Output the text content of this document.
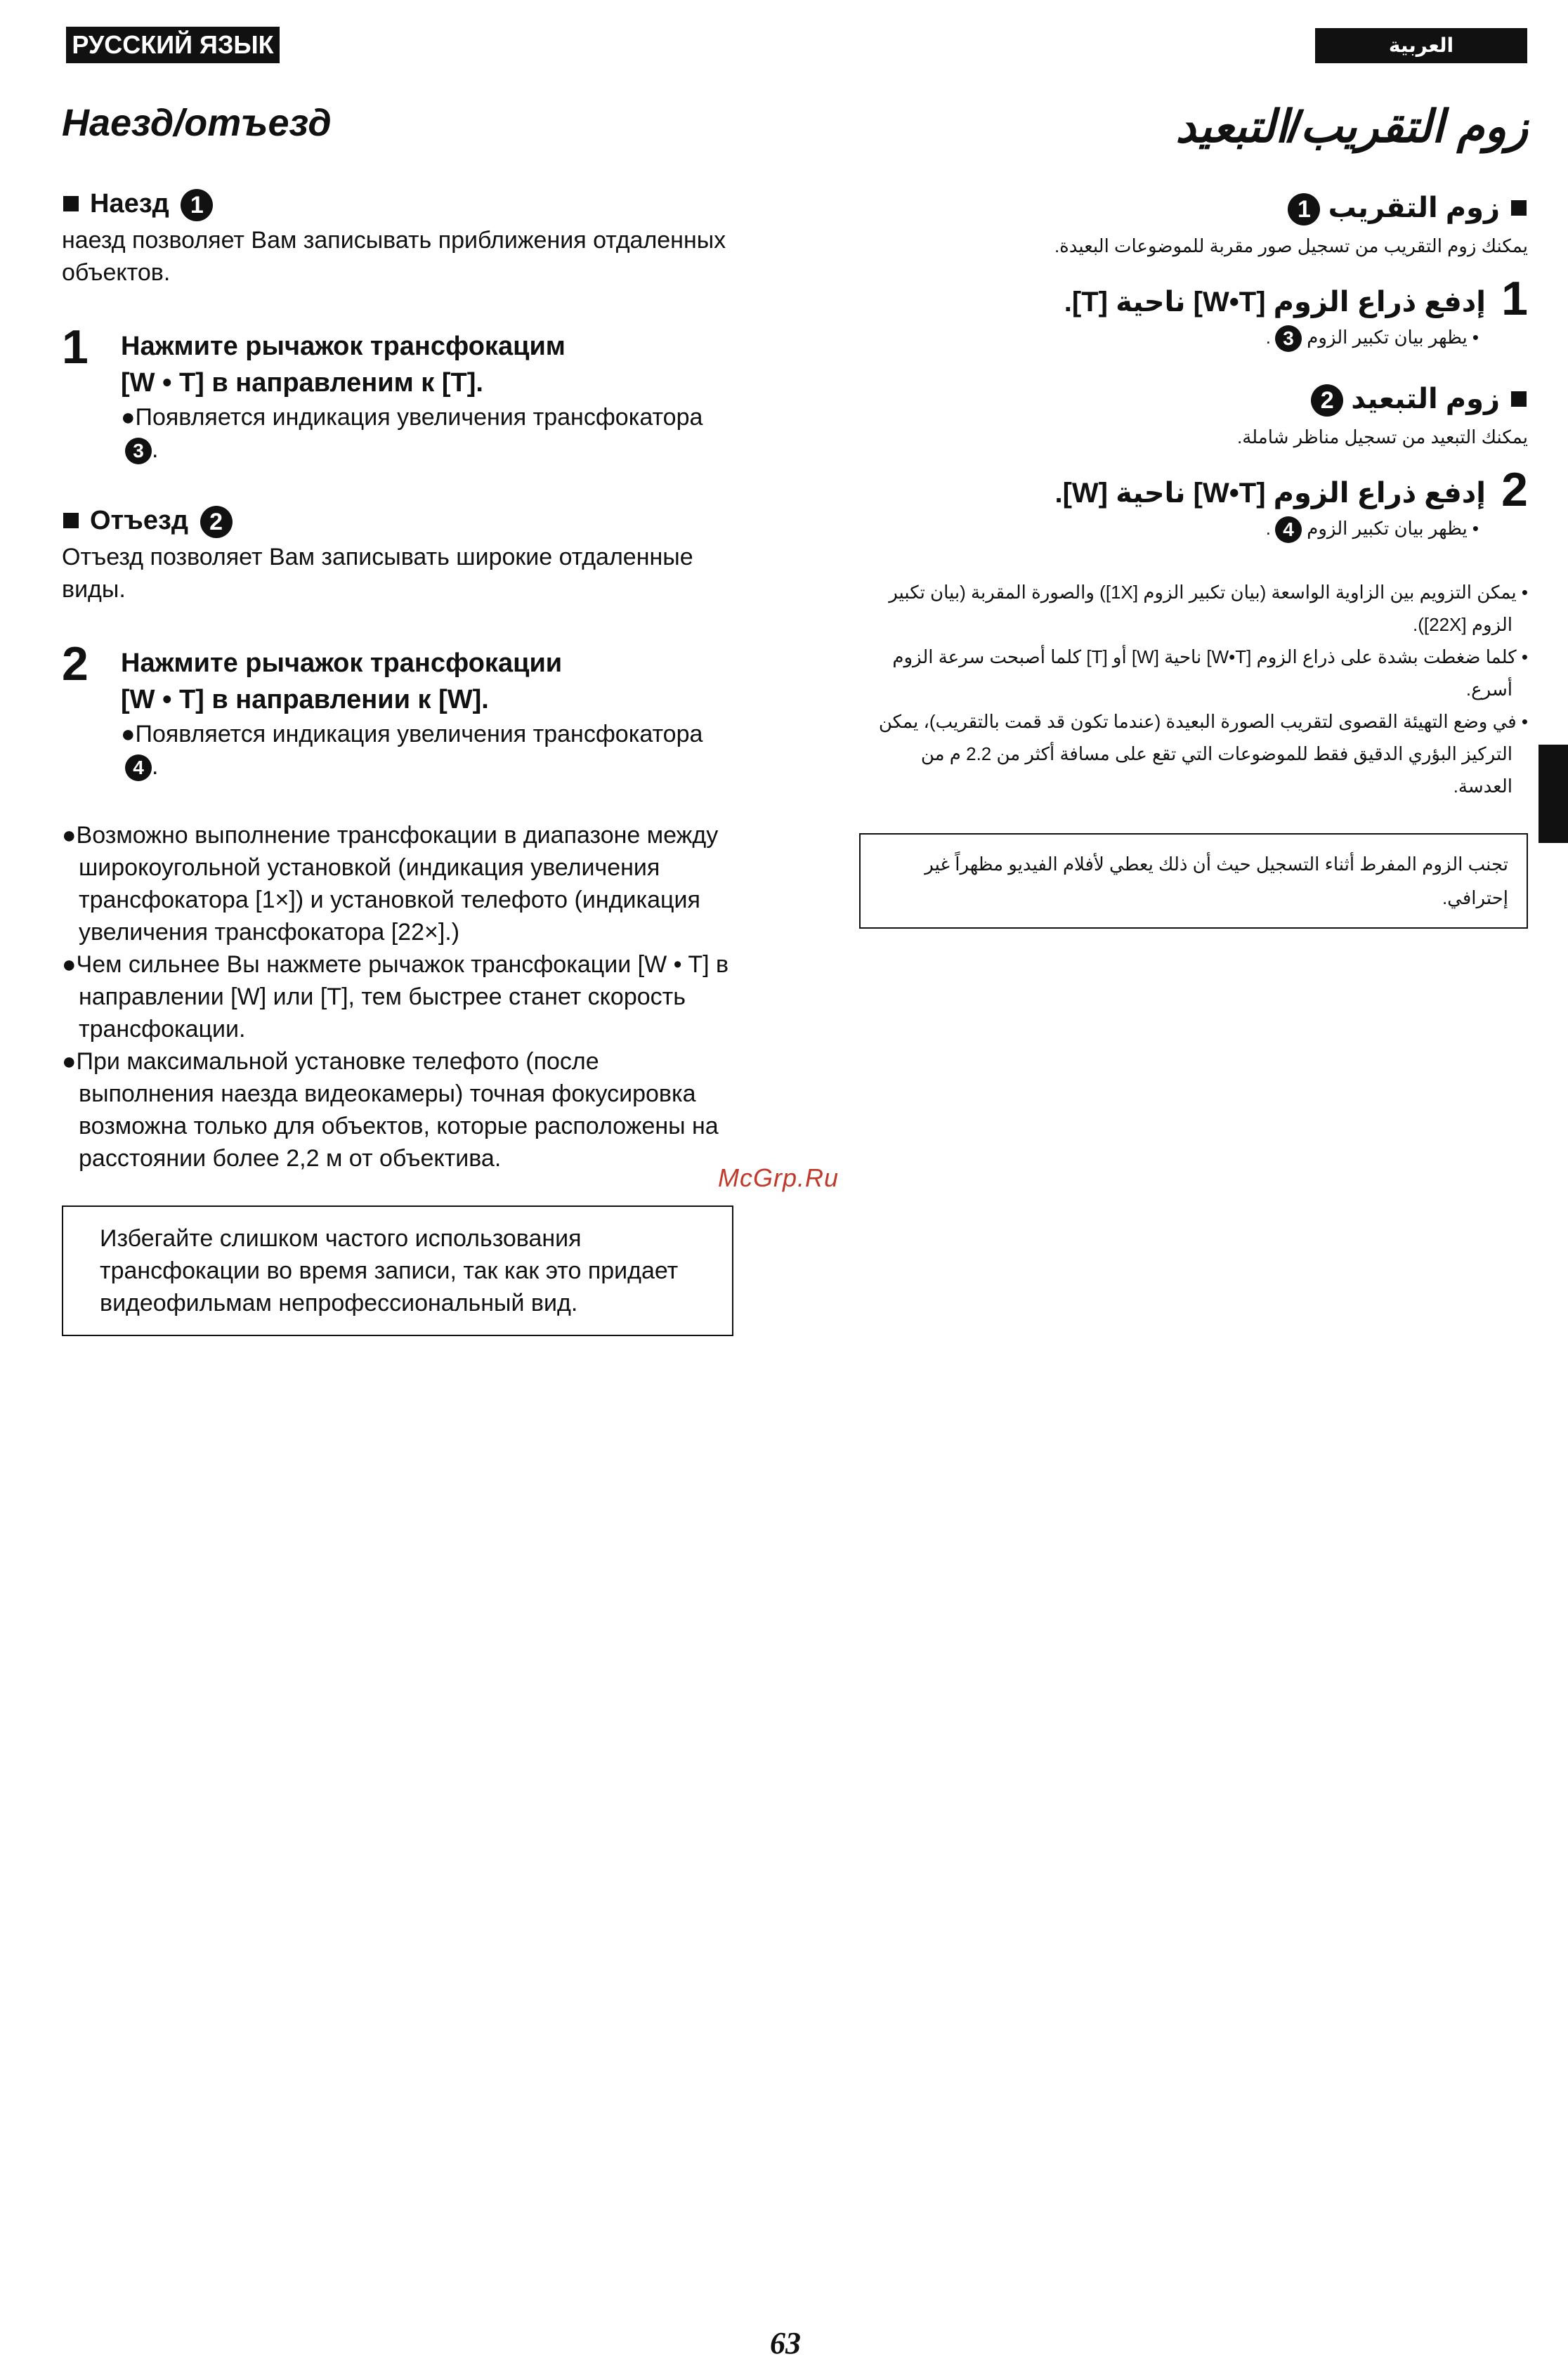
РУССКИЙ ЯЗЫК	العربية
Наезд/отъезд
Наезд 1

наезд позволяет Вам записывать приближения отдаленных объектов.

1 Нажмите рычажок трансфокацим
[W • T] в направленим к [T].
●Появляется индикация увеличения трансфокатора 3 .
Отъезд 2

Отъезд позволяет Вам записывать широкие отдаленные виды.

2 Нажмите рычажок трансфокации
[W • T] в направлении к [W].
●Появляется индикация увеличения трансфокатора 4 .

●Возможно выполнение трансфокации в диапазоне между широкоугольной установкой (индикация увеличения трансфокатора [1×]) и установкой телефото (индикация увеличения трансфокатора [22×].)

●Чем сильнее Вы нажмете рычажок трансфокации [W • T] в направлении [W] или [T], тем быстрее станет скорость трансфокации.

●При максимальной установке телефото (после выполнения наезда видеокамеры) точная фокусировка возможна только для объектов, которые расположены на расстоянии более 2,2 м от объектива.

Избегайте слишком частого использования трансфокации во время записи, так как это придает видеофильмам непрофессиональный вид.
زوم التقريب/التبعيد
زوم التقريب 1

يمكنك زوم التقريب من تسجيل صور مقربة للموضوعات البعيدة.

1
إدفع ذراع الزوم [W•T] ناحية [T].
• يظهر بيان تكبير الزوم 3.
زوم التبعيد 2

يمكنك التبعيد من تسجيل مناظر شاملة.

2
إدفع ذراع الزوم [W•T] ناحية [W].
• يظهر بيان تكبير الزوم 4.

• يمكن التزويم بين الزاوية الواسعة (بيان تكبير الزوم [1X]) والصورة المقربة (بيان تكبير الزوم [22X]).

• كلما ضغطت بشدة على ذراع الزوم [W•T] ناحية [W] أو [T] كلما أصبحت سرعة الزوم أسرع.

• في وضع التهيئة القصوى لتقريب الصورة البعيدة (عندما تكون قد قمت بالتقريب)، يمكن التركيز البؤري الدقيق فقط للموضوعات التي تقع على مسافة أكثر من 2.2 م من العدسة.

تجنب الزوم المفرط أثناء التسجيل حيث أن ذلك يعطي لأفلام الفيديو مظهراً غير إحترافي.
McGrp.Ru
63
